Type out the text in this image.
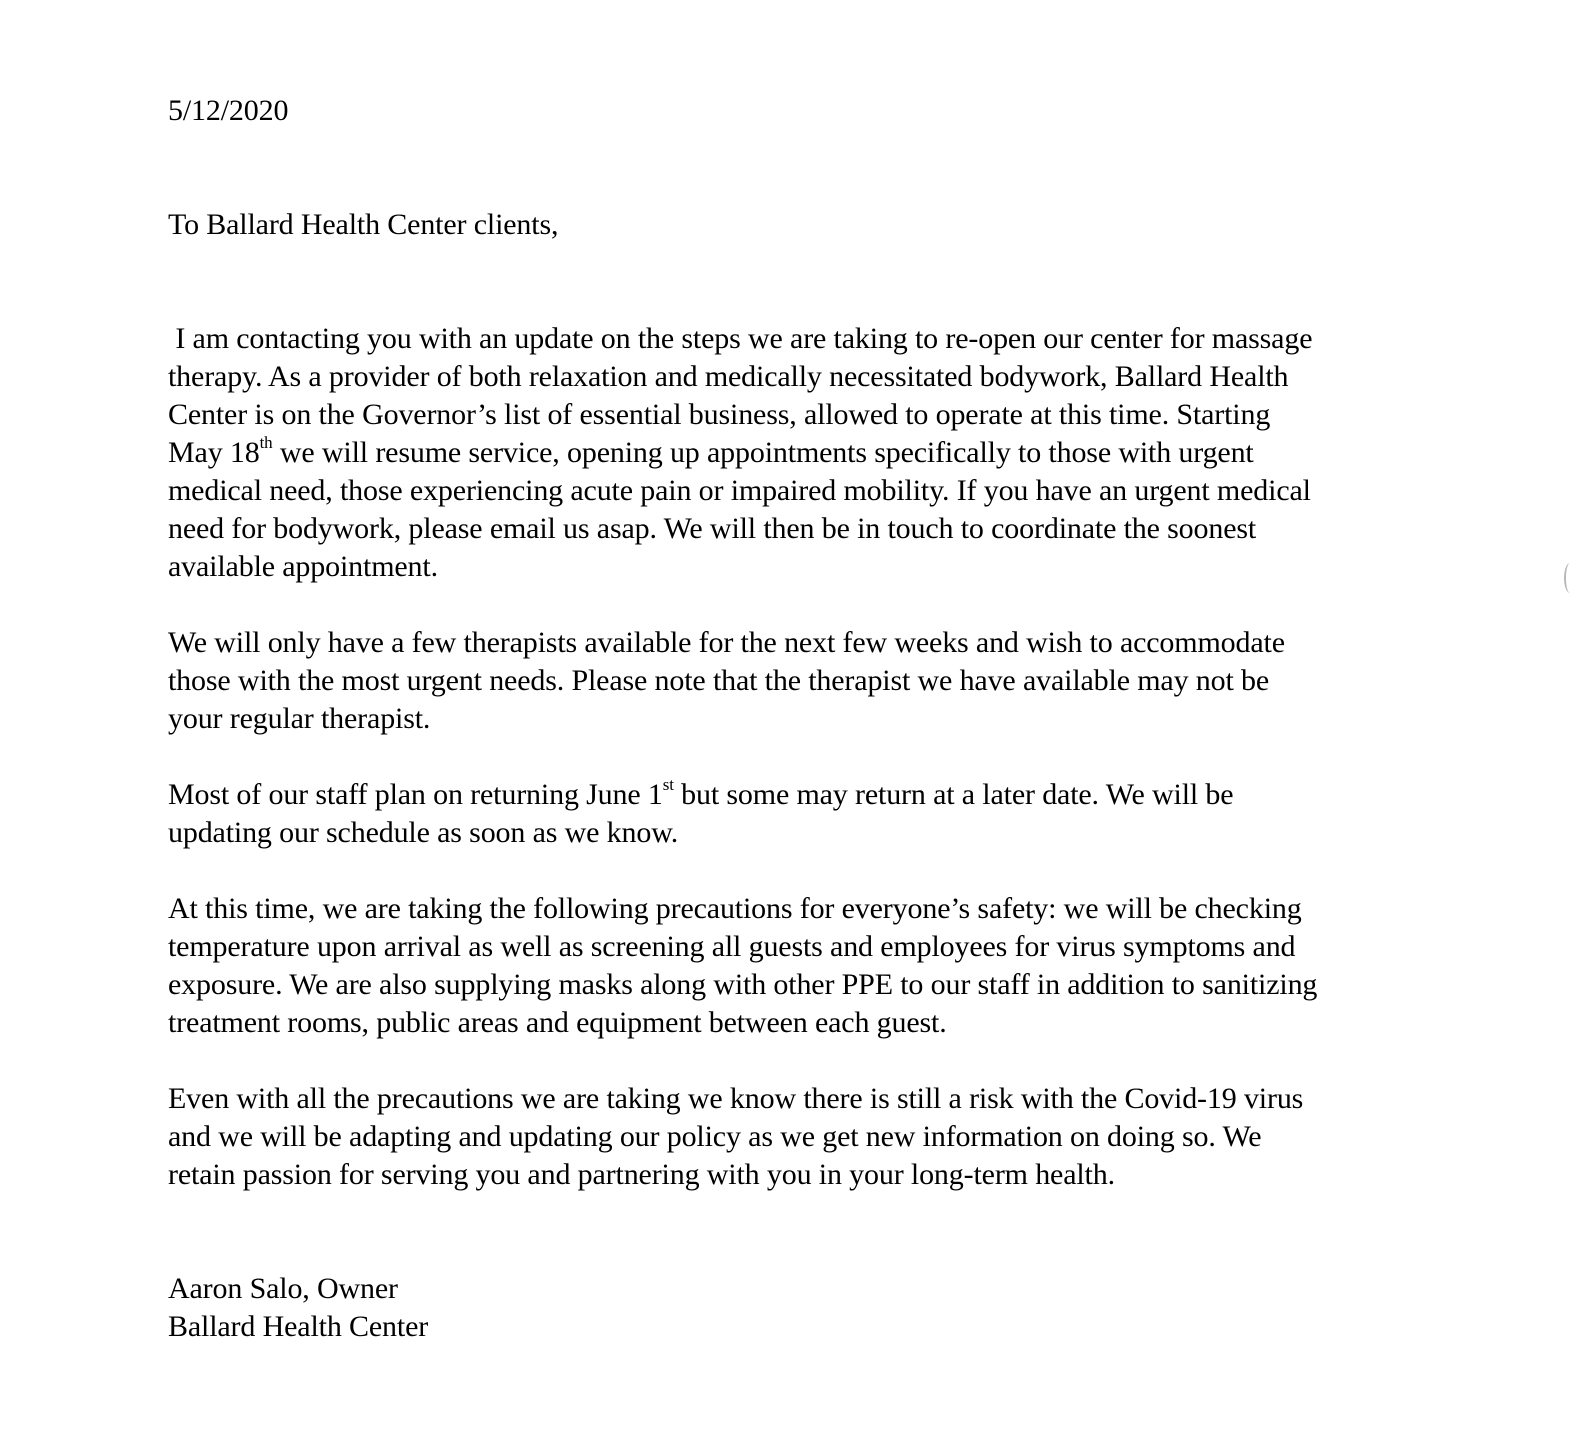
5/12/2020
To Ballard Health Center clients,
I am contacting you with an update on the steps we are taking to re-open our center for massage
therapy. As a provider of both relaxation and medically necessitated bodywork, Ballard Health
Center is on the Governor’s list of essential business, allowed to operate at this time. Starting
May 18th we will resume service, opening up appointments specifically to those with urgent
medical need, those experiencing acute pain or impaired mobility. If you have an urgent medical
need for bodywork, please email us asap. We will then be in touch to coordinate the soonest
available appointment.
We will only have a few therapists available for the next few weeks and wish to accommodate
those with the most urgent needs. Please note that the therapist we have available may not be
your regular therapist.
Most of our staff plan on returning June 1st but some may return at a later date. We will be
updating our schedule as soon as we know.
At this time, we are taking the following precautions for everyone’s safety: we will be checking
temperature upon arrival as well as screening all guests and employees for virus symptoms and
exposure. We are also supplying masks along with other PPE to our staff in addition to sanitizing
treatment rooms, public areas and equipment between each guest.
Even with all the precautions we are taking we know there is still a risk with the Covid-19 virus
and we will be adapting and updating our policy as we get new information on doing so. We
retain passion for serving you and partnering with you in your long-term health.
Aaron Salo, Owner
Ballard Health Center
